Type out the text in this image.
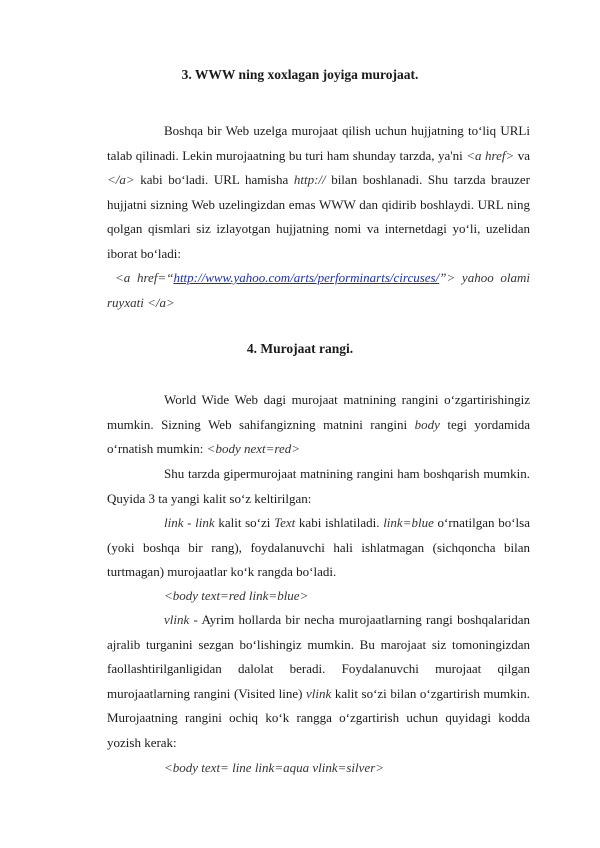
3. WWW ning xoxlagan joyiga murojaat.

Boshqa bir Web uzelga murojaat qilish uchun hujjatning to‘liq URLi talab qilinadi. Lekin murojaatning bu turi ham shunday tarzda, ya'ni <a href> va </a> kabi bo‘ladi. URL hamisha http:// bilan boshlanadi. Shu tarzda brauzer hujjatni sizning Web uzelingizdan emas WWW dan qidirib boshlaydi. URL ning qolgan qismlari siz izlayotgan hujjatning nomi va internetdagi yo‘li, uzelidan iborat bo‘ladi:

<a href=“http://www.yahoo.com/arts/performinarts/circuses/”> yahoo olami ruyxati </a>

4. Murojaat rangi.

World Wide Web dagi murojaat matnining rangini o‘zgartirishingiz mumkin. Sizning Web sahifangizning matnini rangini body tegi yordamida o‘rnatish mumkin: <body next=red>

Shu tarzda gipermurojaat matnining rangini ham boshqarish mumkin. Quyida 3 ta yangi kalit so‘z keltirilgan:

link - link kalit so‘zi Text kabi ishlatiladi. link=blue o‘rnatilgan bo‘lsa (yoki boshqa bir rang), foydalanuvchi hali ishlatmagan (sichqoncha bilan turtmagan) murojaatlar ko‘k rangda bo‘ladi.

<body text=red link=blue>

vlink - Ayrim hollarda bir necha murojaatlarning rangi boshqalaridan ajralib turganini sezgan bo‘lishingiz mumkin. Bu marojaat siz tomoningizdan faollashtirilganligidan dalolat beradi. Foydalanuvchi murojaat qilgan murojaatlarning rangini (Visited line) vlink kalit so‘zi bilan o‘zgartirish mumkin. Murojaatning rangini ochiq ko‘k rangga o‘zgartirish uchun quyidagi kodda yozish kerak:

<body text= line link=aqua vlink=silver>
